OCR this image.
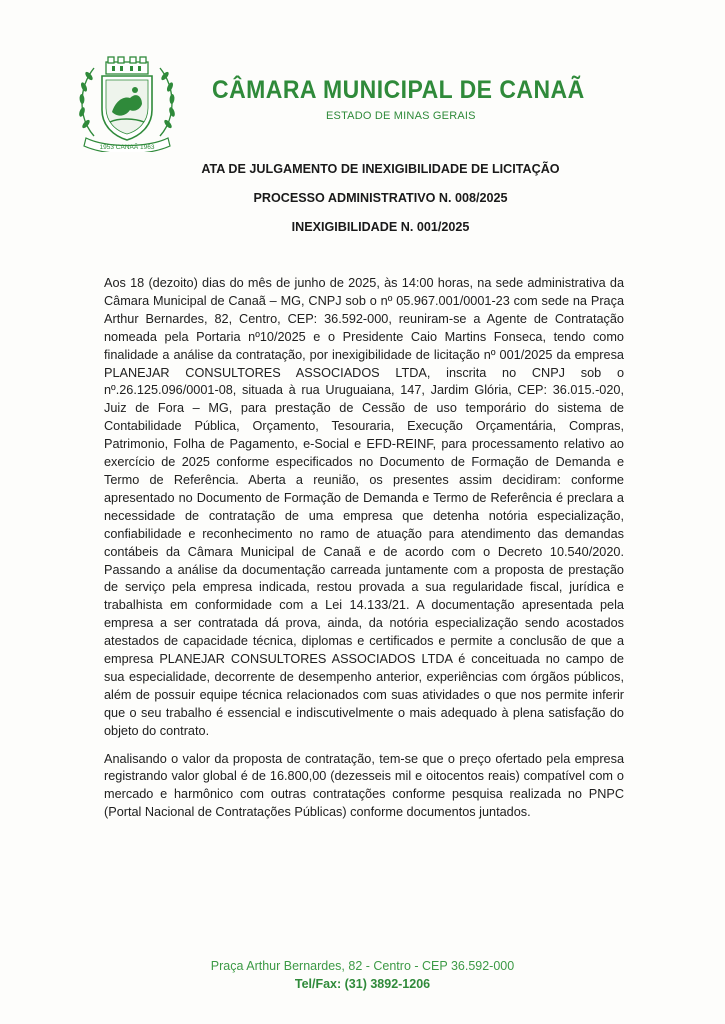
1953 CANAÃ 1963
CÂMARA MUNICIPAL DE CANAÃ
ESTADO DE MINAS GERAIS
ATA DE JULGAMENTO DE INEXIGIBILIDADE DE LICITAÇÃO
PROCESSO ADMINISTRATIVO N. 008/2025
INEXIGIBILIDADE N. 001/2025

Aos 18 (dezoito) dias do mês de junho de 2025, às 14:00 horas, na sede administrativa da Câmara Municipal de Canaã – MG, CNPJ sob o nº 05.967.001/0001-23 com sede na Praça Arthur Bernardes, 82, Centro, CEP: 36.592-000, reuniram-se a Agente de Contratação nomeada pela Portaria nº10/2025 e o Presidente Caio Martins Fonseca, tendo como finalidade a análise da contratação, por inexigibilidade de licitação nº 001/2025 da empresa PLANEJAR CONSULTORES ASSOCIADOS LTDA, inscrita no CNPJ sob o nº.26.125.096/0001-08, situada à rua Uruguaiana, 147, Jardim Glória, CEP: 36.015.-020, Juiz de Fora – MG, para prestação de Cessão de uso temporário do sistema de Contabilidade Pública, Orçamento, Tesouraria, Execução Orçamentária, Compras, Patrimonio, Folha de Pagamento, e-Social e EFD-REINF, para processamento relativo ao exercício de 2025 conforme especificados no Documento de Formação de Demanda e Termo de Referência. Aberta a reunião, os presentes assim decidiram: conforme apresentado no Documento de Formação de Demanda e Termo de Referência é preclara a necessidade de contratação de uma empresa que detenha notória especialização, confiabilidade e reconhecimento no ramo de atuação para atendimento das demandas contábeis da Câmara Municipal de Canaã e de acordo com o Decreto 10.540/2020. Passando a análise da documentação carreada juntamente com a proposta de prestação de serviço pela empresa indicada, restou provada a sua regularidade fiscal, jurídica e trabalhista em conformidade com a Lei 14.133/21. A documentação apresentada pela empresa a ser contratada dá prova, ainda, da notória especialização sendo acostados atestados de capacidade técnica, diplomas e certificados e permite a conclusão de que a empresa PLANEJAR CONSULTORES ASSOCIADOS LTDA é conceituada no campo de sua especialidade, decorrente de desempenho anterior, experiências com órgãos públicos, além de possuir equipe técnica relacionados com suas atividades o que nos permite inferir que o seu trabalho é essencial e indiscutivelmente o mais adequado à plena satisfação do objeto do contrato.

Analisando o valor da proposta de contratação, tem-se que o preço ofertado pela empresa registrando valor global é de 16.800,00 (dezesseis mil e oitocentos reais) compatível com o mercado e harmônico com outras contratações conforme pesquisa realizada no PNPC (Portal Nacional de Contratações Públicas) conforme documentos juntados.

Praça Arthur Bernardes, 82 - Centro - CEP 36.592-000
Tel/Fax: (31) 3892-1206
